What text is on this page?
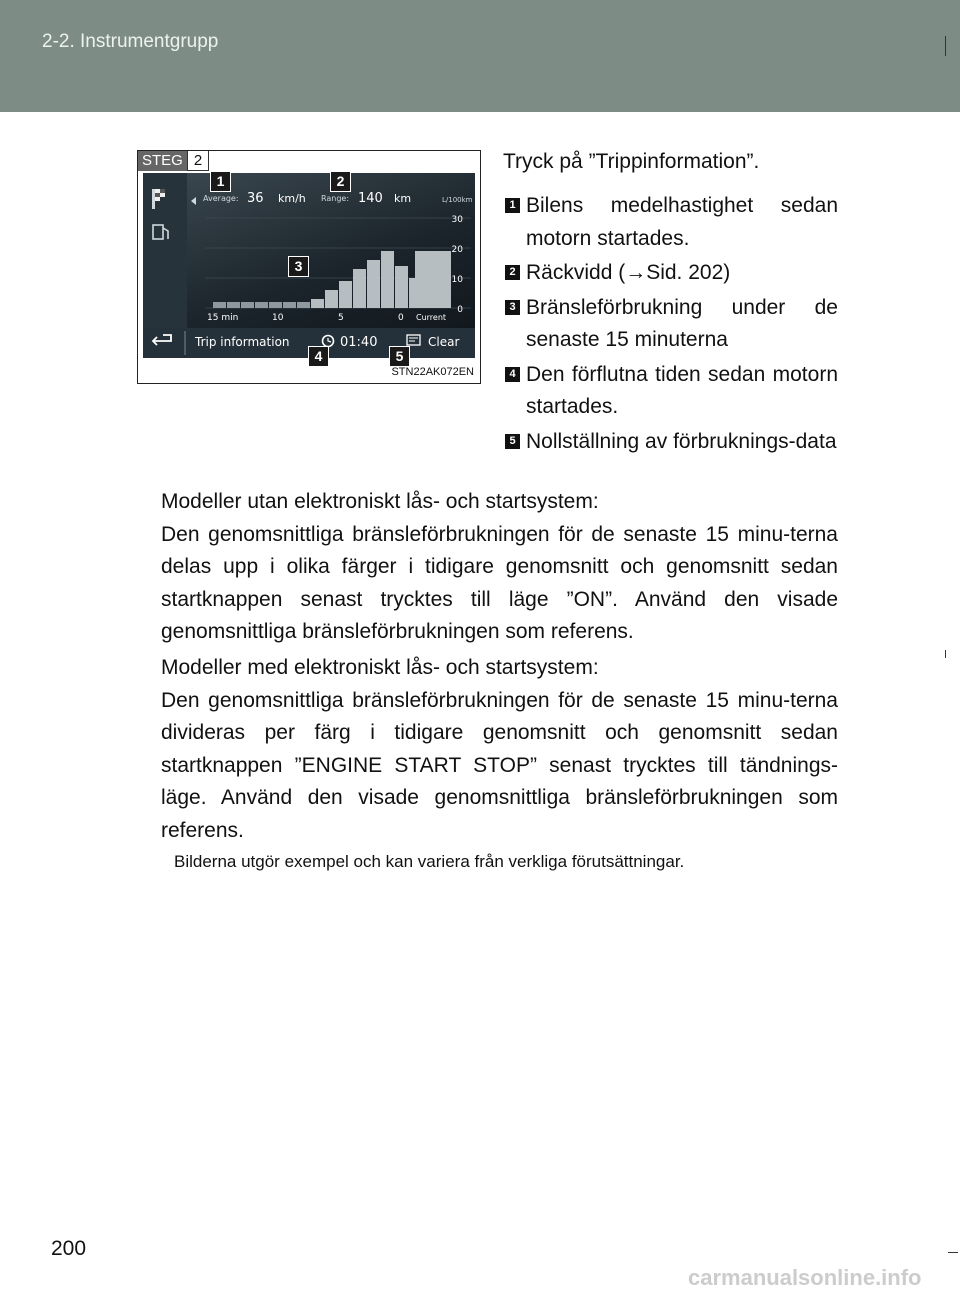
2-2. Instrumentgrupp
STEG 2
Average: 36 km/h Range: 140 km	L/100km
30
20
10
0
15 min	10	5	0 Current
Trip information	01:40	Clear
1	2
3
4	5
STN22AK072EN
Tryck på ”Trippinformation”.
1 Bilens medelhastighet sedan motorn startades.
2 Räckvidd (→Sid. 202)
3 Bränsleförbrukning under de senaste 15 minuterna
4 Den förflutna tiden sedan motorn startades.
5 Nollställning av förbruknings-data
Modeller utan elektroniskt lås- och startsystem:
Den genomsnittliga bränsleförbrukningen för de senaste 15 minu-terna delas upp i olika färger i tidigare genomsnitt och genomsnitt sedan startknappen senast trycktes till läge ”ON”. Använd den visade genomsnittliga bränsleförbrukningen som referens.
Modeller med elektroniskt lås- och startsystem:
Den genomsnittliga bränsleförbrukningen för de senaste 15 minu-terna divideras per färg i tidigare genomsnitt och genomsnitt sedan startknappen ”ENGINE START STOP” senast trycktes till tändnings-läge. Använd den visade genomsnittliga bränsleförbrukningen som referens.
Bilderna utgör exempel och kan variera från verkliga förutsättningar.
200
carmanualsonline.info
